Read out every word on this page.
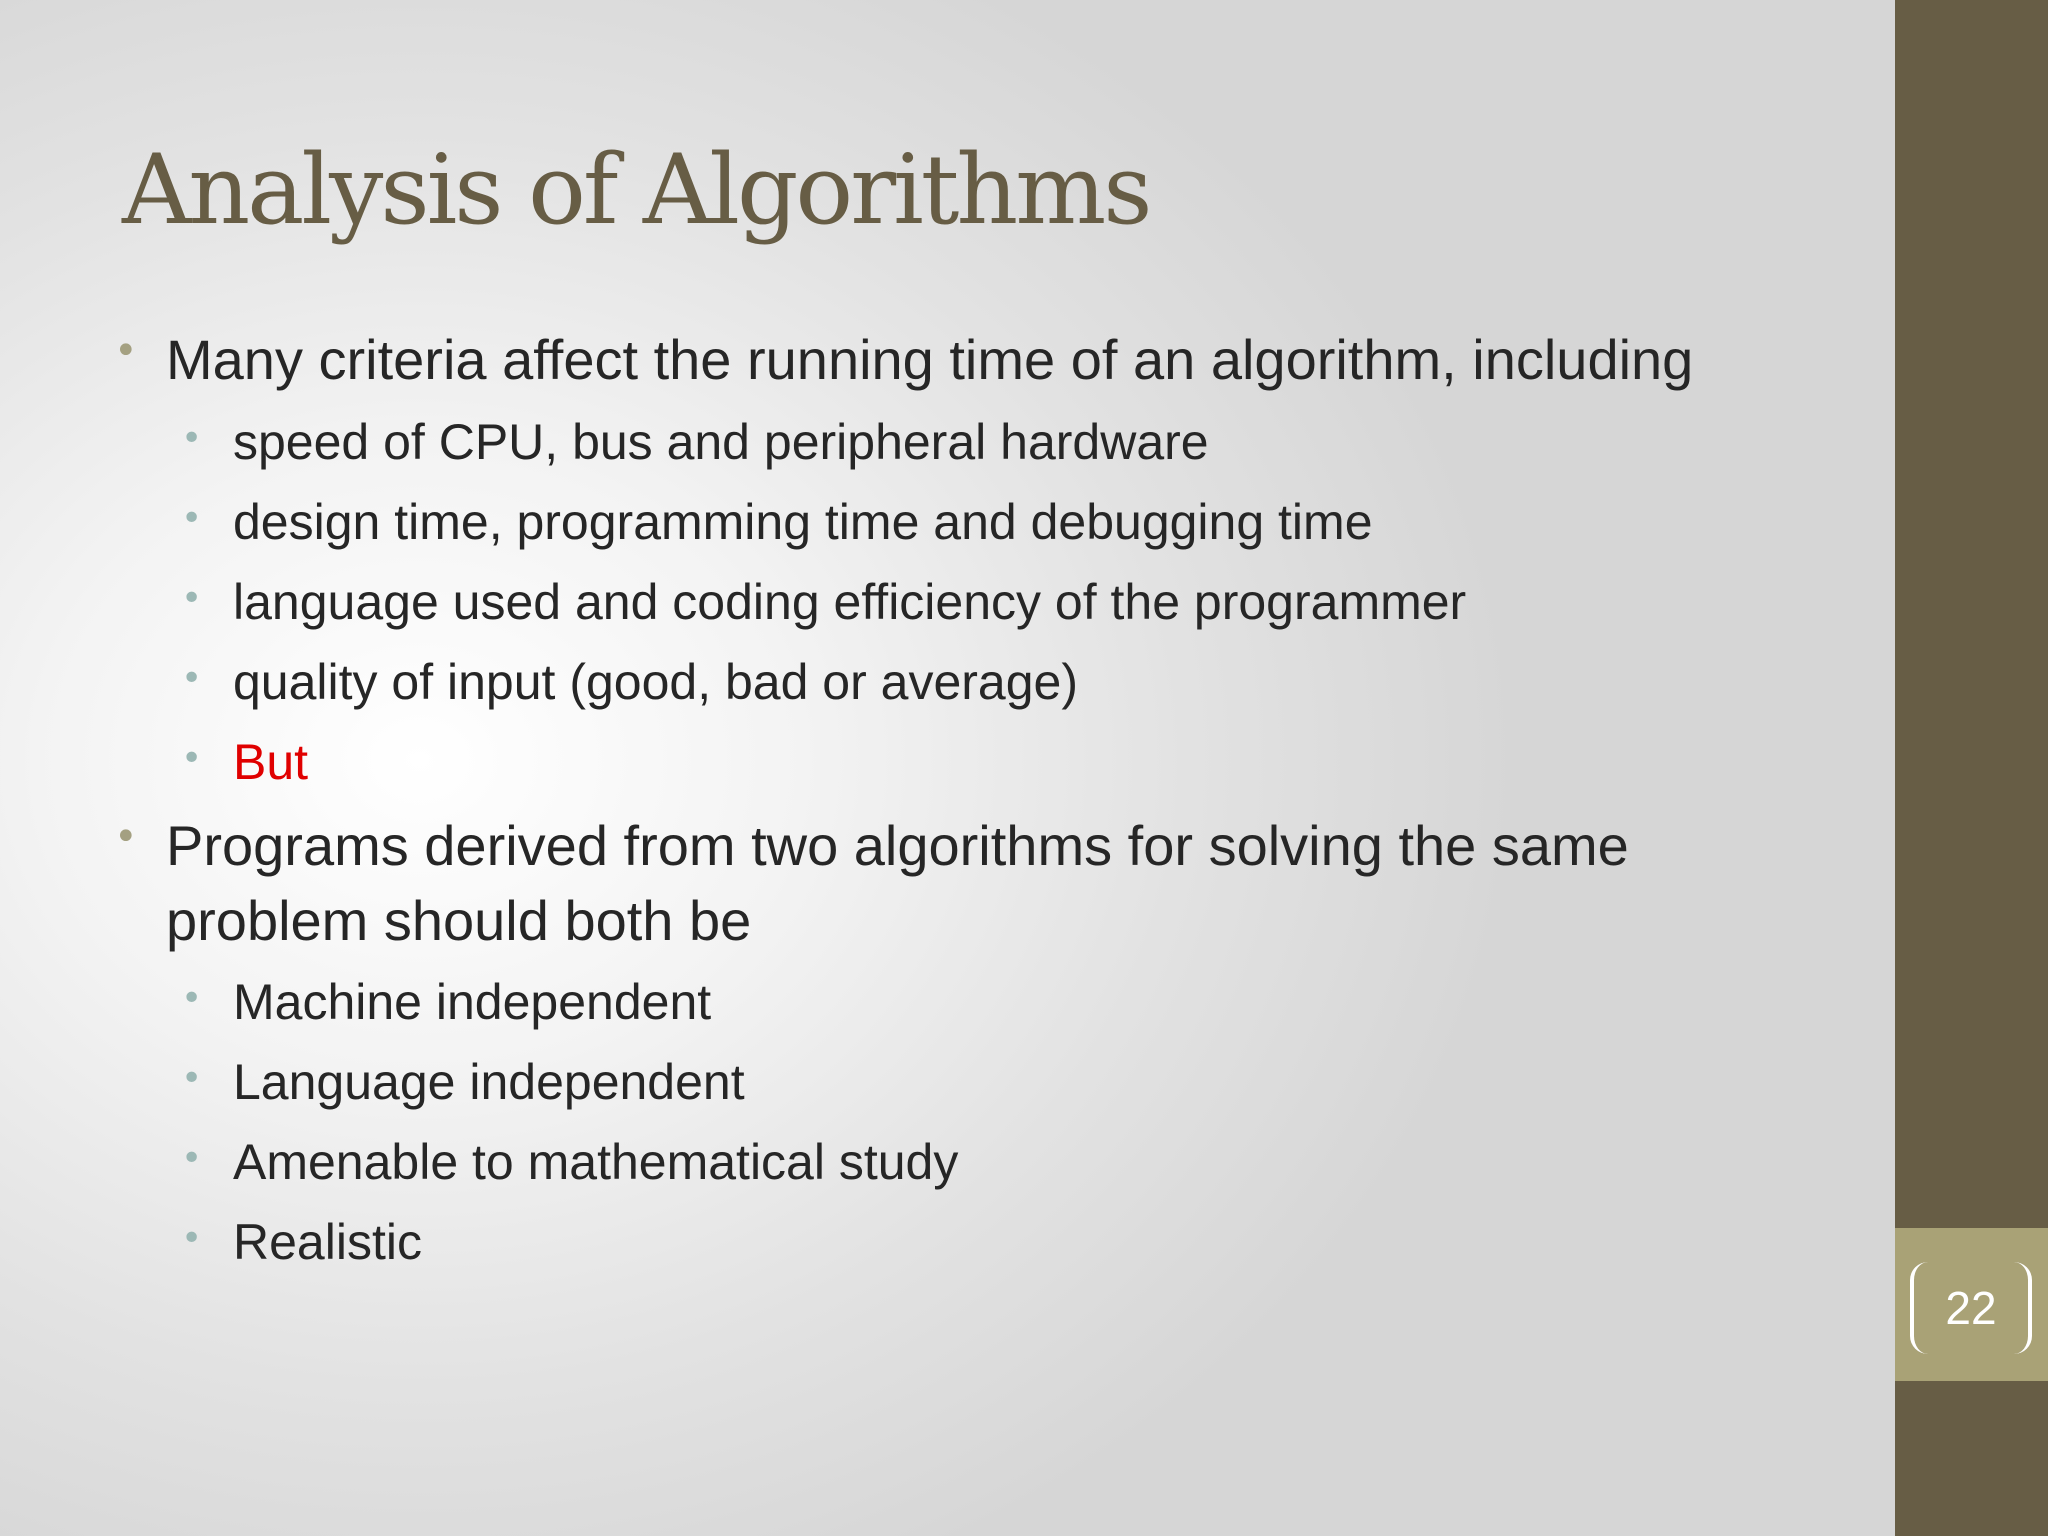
22
Analysis of Algorithms
• Many criteria affect the running time of an algorithm, including

• speed of CPU, bus and peripheral hardware

• design time, programming time and debugging time

• language used and coding efficiency of the programmer

• quality of input (good, bad or average)

• But

• Programs derived from two algorithms for solving the same problem should both be

• Machine independent

• Language independent

• Amenable to mathematical study

• Realistic
